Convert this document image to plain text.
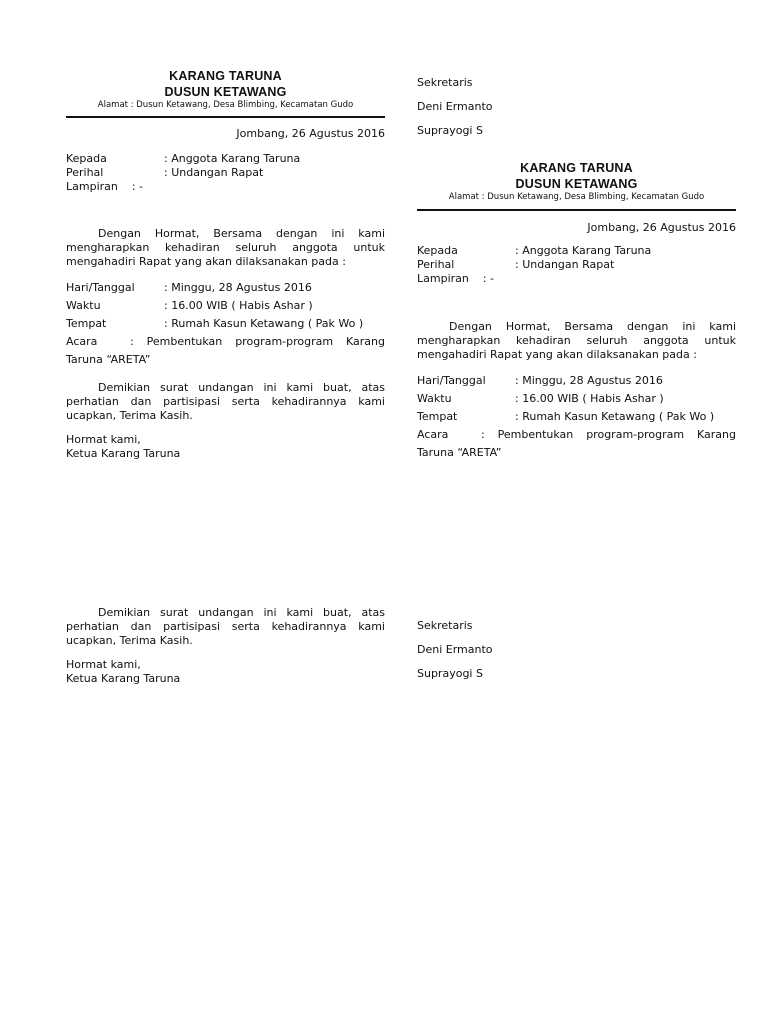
KARANG TARUNA

DUSUN KETAWANG

Alamat : Dusun Ketawang, Desa Blimbing, Kecamatan Gudo

Jombang, 26 Agustus 2016

Kepada	: Anggota Karang Taruna
Perihal	: Undangan Rapat
Lampiran    : -

Dengan Hormat, Bersama dengan ini kami mengharapkan kehadiran seluruh anggota untuk mengahadiri Rapat yang akan dilaksanakan pada :

Hari/Tanggal	: Minggu, 28 Agustus 2016
Waktu	: 16.00 WIB ( Habis Ashar )
Tempat	: Rumah Kasun Ketawang ( Pak Wo )

Acara	: Pembentukan program-program Karang Taruna “ARETA”

Demikian surat undangan ini kami buat, atas perhatian dan partisipasi serta kehadirannya kami ucapkan, Terima Kasih.

Hormat kami,

Ketua Karang Taruna

Demikian surat undangan ini kami buat, atas perhatian dan partisipasi serta kehadirannya kami ucapkan, Terima Kasih.

Hormat kami,

Ketua Karang Taruna

Sekretaris

Deni Ermanto

Suprayogi S

KARANG TARUNA

DUSUN KETAWANG

Alamat : Dusun Ketawang, Desa Blimbing, Kecamatan Gudo

Jombang, 26 Agustus 2016

Kepada	: Anggota Karang Taruna
Perihal	: Undangan Rapat
Lampiran    : -

Dengan Hormat, Bersama dengan ini kami mengharapkan kehadiran seluruh anggota untuk mengahadiri Rapat yang akan dilaksanakan pada :

Hari/Tanggal	: Minggu, 28 Agustus 2016
Waktu	: 16.00 WIB ( Habis Ashar )
Tempat	: Rumah Kasun Ketawang ( Pak Wo )

Acara	: Pembentukan program-program Karang Taruna “ARETA”

Sekretaris

Deni Ermanto

Suprayogi S
